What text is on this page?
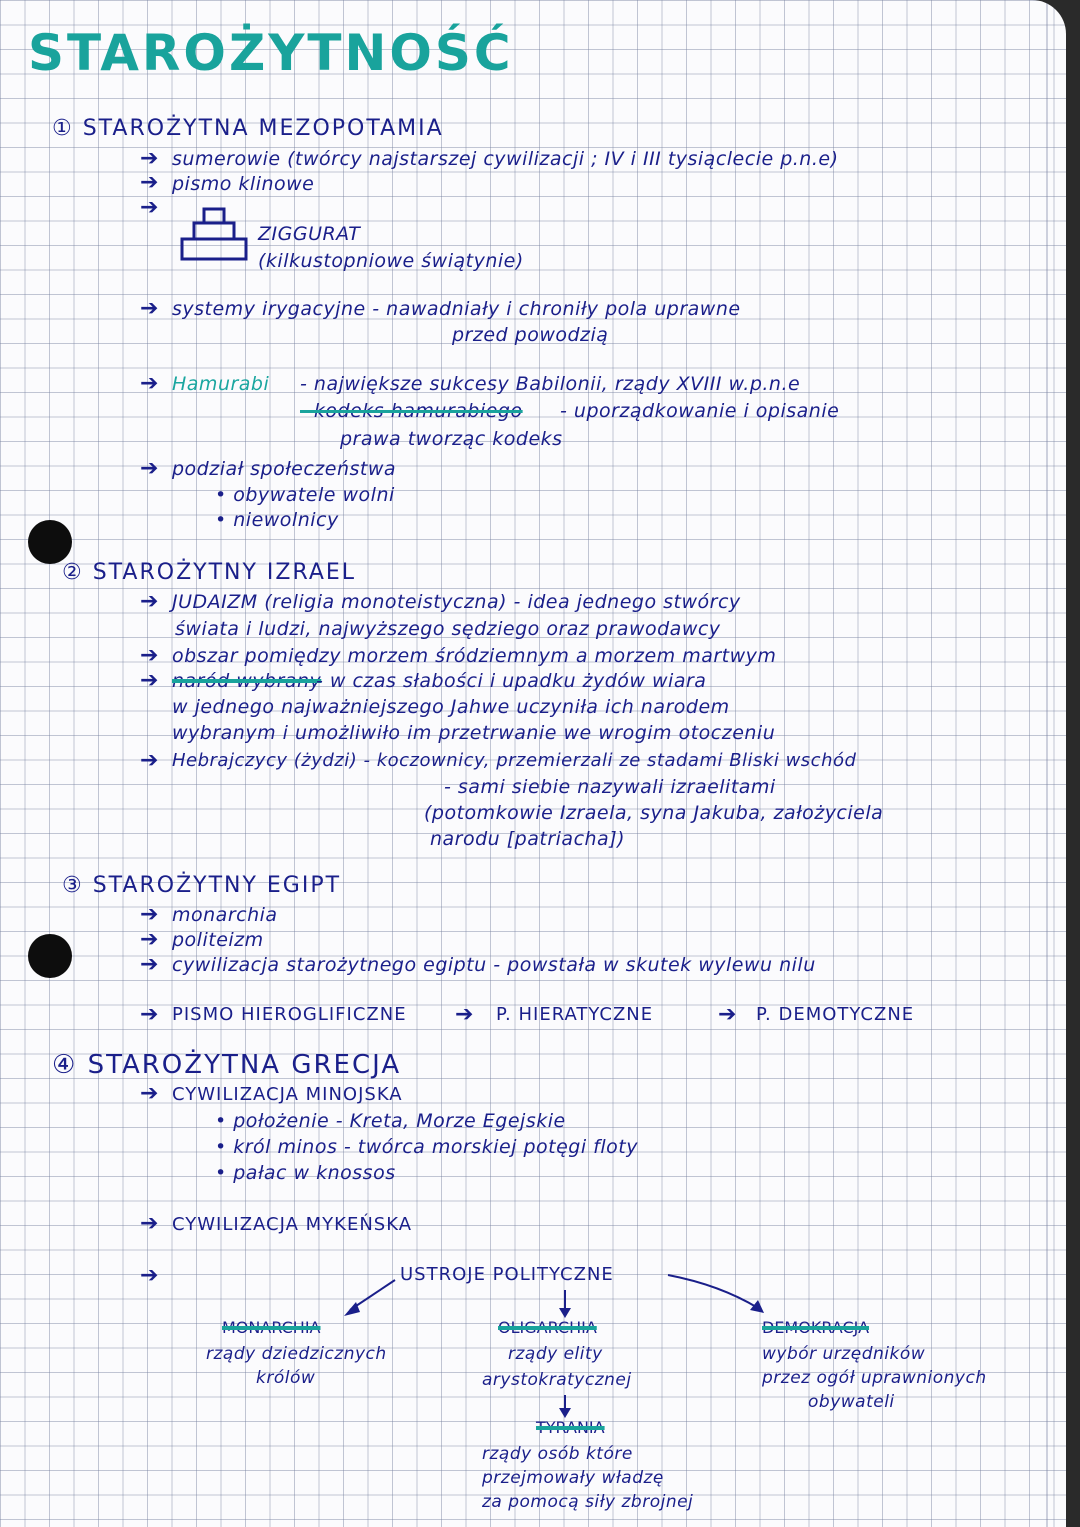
STAROŻYTNOŚĆ
① STAROŻYTNA MEZOPOTAMIA
➔ sumerowie (twórcy najstarszej cywilizacji ; IV i III tysiąclecie p.n.e)
➔ pismo klinowe
➔
ZIGGURAT
(kilkustopniowe świątynie)
➔ systemy irygacyjne - nawadniały i chroniły pola uprawne
przed powodzią
➔ Hamurabi - największe sukcesy Babilonii, rządy XVIII w.p.n.e
- kodeks hamurabiego - uporządkowanie i opisanie
prawa tworząc kodeks
➔ podział społeczeństwa
• obywatele wolni
• niewolnicy
② STAROŻYTNY IZRAEL
➔ JUDAIZM (religia monoteistyczna) - idea jednego stwórcy
świata i ludzi, najwyższego sędziego oraz prawodawcy
➔ obszar pomiędzy morzem śródziemnym a morzem martwym
➔ naród wybrany
- w czas słabości i upadku żydów wiara
w jednego najważniejszego Jahwe uczyniła ich narodem
wybranym i umożliwiło im przetrwanie we wrogim otoczeniu
➔ Hebrajczycy (żydzi) - koczownicy, przemierzali ze stadami Bliski wschód
- sami siebie nazywali izraelitami
(potomkowie Izraela, syna Jakuba, założyciela
narodu [patriacha])
③ STAROŻYTNY EGIPT
➔ monarchia
➔ politeizm
➔ cywilizacja starożytnego egiptu - powstała w skutek wylewu nilu
➔ PISMO HIEROGLIFICZNE ➔ P. HIERATYCZNE	➔ P. DEMOTYCZNE
④ STAROŻYTNA GRECJA
➔ CYWILIZACJA MINOJSKA
• położenie - Kreta, Morze Egejskie
• król minos - twórca morskiej potęgi floty
• pałac w knossos
➔ CYWILIZACJA MYKEŃSKA
➔	USTROJE POLITYCZNE
MONARCHIA
rządy dziedzicznych
królów
OLIGARCHIA
rządy elity
arystokratycznej
DEMOKRACJA
wybór urzędników
przez ogół uprawnionych
obywateli
TYRANIA
rządy osób które
przejmowały władzę
za pomocą siły zbrojnej
